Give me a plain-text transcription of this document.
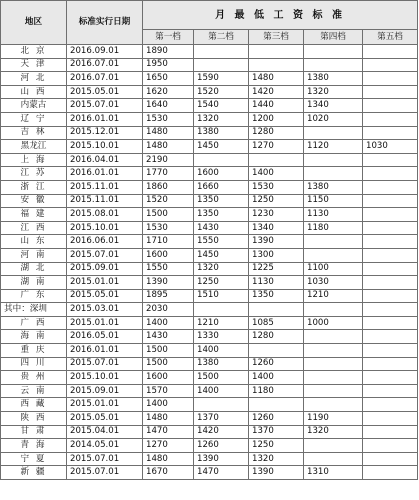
地区	标准实行日期	月 最 低 工 资 标 准				
		第一档	第二档	第三档	第四档	第五档
北 京	2016.09.01	1890				
天 津	2016.07.01	1950				
河 北	2016.07.01	1650	1590	1480	1380	
山 西	2015.05.01	1620	1520	1420	1320	
内蒙古	2015.07.01	1640	1540	1440	1340	
辽 宁	2016.01.01	1530	1320	1200	1020	
吉 林	2015.12.01	1480	1380	1280		
黑龙江	2015.10.01	1480	1450	1270	1120	1030
上 海	2016.04.01	2190				
江 苏	2016.01.01	1770	1600	1400		
浙 江	2015.11.01	1860	1660	1530	1380	
安 徽	2015.11.01	1520	1350	1250	1150	
福 建	2015.08.01	1500	1350	1230	1130	
江 西	2015.10.01	1530	1430	1340	1180	
山 东	2016.06.01	1710	1550	1390		
河 南	2015.07.01	1600	1450	1300		
湖 北	2015.09.01	1550	1320	1225	1100	
湖 南	2015.01.01	1390	1250	1130	1030	
广 东	2015.05.01	1895	1510	1350	1210	
其中：深圳	2015.03.01	2030				
广 西	2015.01.01	1400	1210	1085	1000	
海 南	2016.05.01	1430	1330	1280		
重 庆	2016.01.01	1500	1400			
四 川	2015.07.01	1500	1380	1260		
贵 州	2015.10.01	1600	1500	1400		
云 南	2015.09.01	1570	1400	1180		
西 藏	2015.01.01	1400				
陕 西	2015.05.01	1480	1370	1260	1190	
甘 肃	2015.04.01	1470	1420	1370	1320	
青 海	2014.05.01	1270	1260	1250		
宁 夏	2015.07.01	1480	1390	1320		
新 疆	2015.07.01	1670	1470	1390	1310	
